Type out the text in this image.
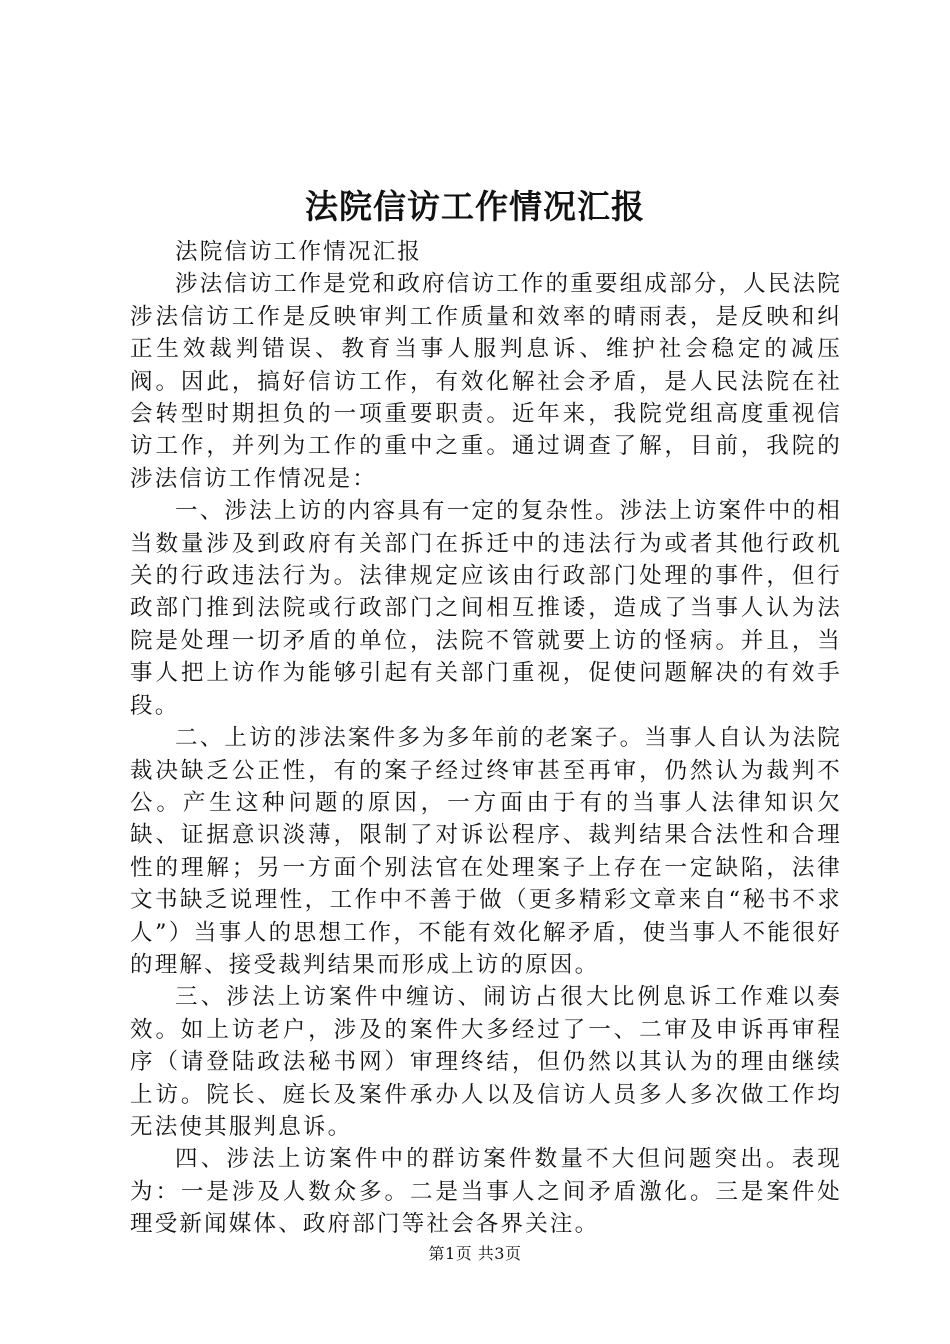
法院信访工作情况汇报

法院信访工作情况汇报

涉法信访工作是党和政府信访工作的重要组成部分，人民法院涉法信访工作是反映审判工作质量和效率的晴雨表，是反映和纠正生效裁判错误、教育当事人服判息诉、维护社会稳定的减压阀。因此，搞好信访工作，有效化解社会矛盾，是人民法院在社会转型时期担负的一项重要职责。近年来，我院党组高度重视信访工作，并列为工作的重中之重。通过调查了解，目前，我院的涉法信访工作情况是：

一、涉法上访的内容具有一定的复杂性。涉法上访案件中的相当数量涉及到政府有关部门在拆迁中的违法行为或者其他行政机关的行政违法行为。法律规定应该由行政部门处理的事件，但行政部门推到法院或行政部门之间相互推诿，造成了当事人认为法院是处理一切矛盾的单位，法院不管就要上访的怪病。并且，当事人把上访作为能够引起有关部门重视，促使问题解决的有效手段。

二、上访的涉法案件多为多年前的老案子。当事人自认为法院裁决缺乏公正性，有的案子经过终审甚至再审，仍然认为裁判不公。产生这种问题的原因，一方面由于有的当事人法律知识欠缺、证据意识淡薄，限制了对诉讼程序、裁判结果合法性和合理性的理解；另一方面个别法官在处理案子上存在一定缺陷，法律文书缺乏说理性，工作中不善于做（更多精彩文章来自“秘书不求人”）当事人的思想工作，不能有效化解矛盾，使当事人不能很好的理解、接受裁判结果而形成上访的原因。

三、涉法上访案件中缠访、闹访占很大比例息诉工作难以奏效。如上访老户，涉及的案件大多经过了一、二审及申诉再审程序（请登陆政法秘书网）审理终结，但仍然以其认为的理由继续上访。院长、庭长及案件承办人以及信访人员多人多次做工作均无法使其服判息诉。

四、涉法上访案件中的群访案件数量不大但问题突出。表现为：一是涉及人数众多。二是当事人之间矛盾激化。三是案件处理受新闻媒体、政府部门等社会各界关注。

第1页 共3页
